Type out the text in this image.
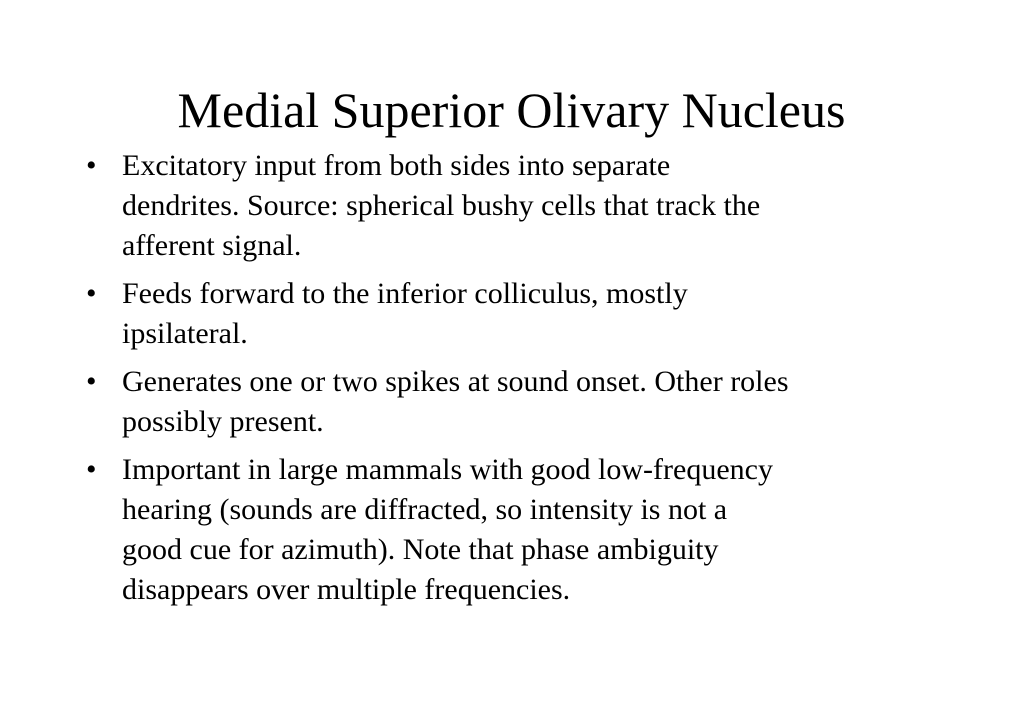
Medial Superior Olivary Nucleus
• Excitatory input from both sides into separate
dendrites. Source: spherical bushy cells that track the
afferent signal.
• Feeds forward to the inferior colliculus, mostly
ipsilateral.
• Generates one or two spikes at sound onset. Other roles
possibly present.
• Important in large mammals with good low-frequency
hearing (sounds are diffracted, so intensity is not a
good cue for azimuth). Note that phase ambiguity
disappears over multiple frequencies.
